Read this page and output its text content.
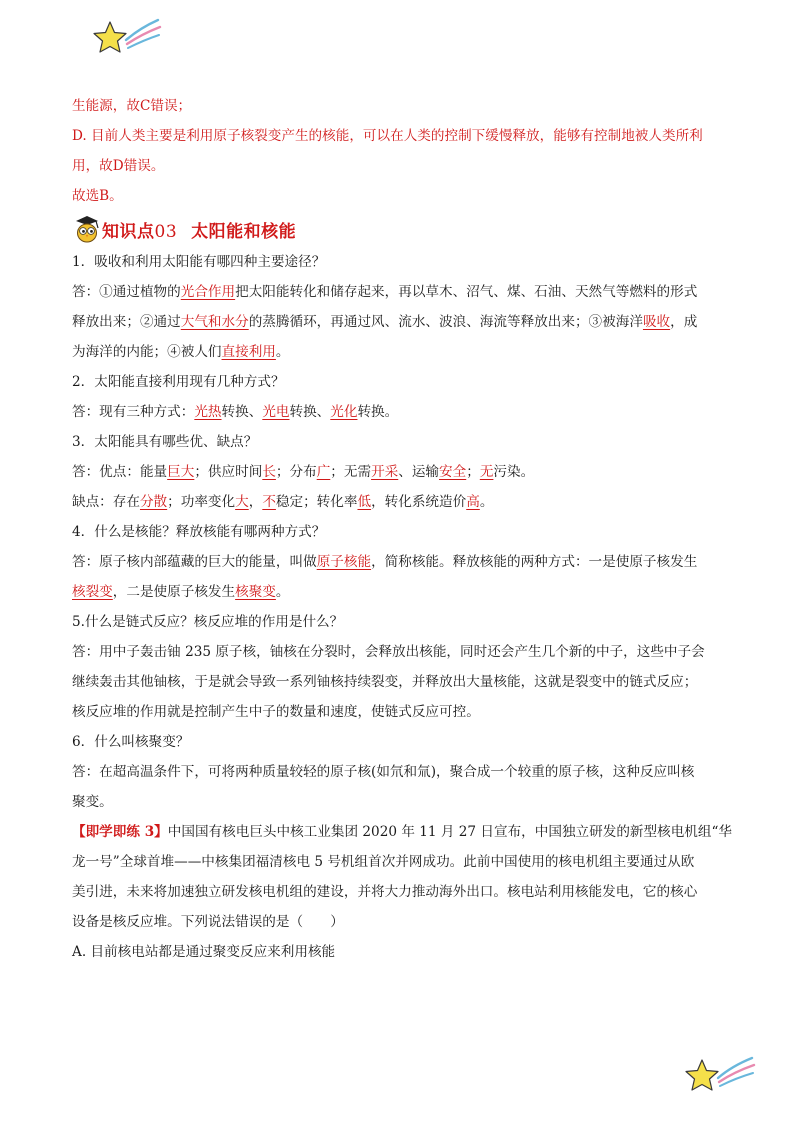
生能源，故C错误；

D. 目前人类主要是利用原子核裂变产生的核能，可以在人类的控制下缓慢释放，能够有控制地被人类所利

用，故D错误。

故选B。

知识点03 太阳能和核能

1．吸收和利用太阳能有哪四种主要途径？

答：①通过植物的光合作用把太阳能转化和储存起来，再以草木、沼气、煤、石油、天然气等燃料的形式

释放出来；②通过大气和水分的蒸腾循环，再通过风、流水、波浪、海流等释放出来；③被海洋吸收，成

为海洋的内能；④被人们直接利用。

2．太阳能直接利用现有几种方式？

答：现有三种方式：光热转换、光电转换、光化转换。

3．太阳能具有哪些优、缺点？

答：优点：能量巨大；供应时间长；分布广；无需开采、运输安全；无污染。

缺点：存在分散；功率变化大，不稳定；转化率低，转化系统造价高。

4．什么是核能？释放核能有哪两种方式？

答：原子核内部蕴藏的巨大的能量，叫做原子核能，简称核能。释放核能的两种方式：一是使原子核发生

核裂变，二是使原子核发生核聚变。

5.什么是链式反应？核反应堆的作用是什么？

答：用中子轰击铀 235 原子核，铀核在分裂时，会释放出核能，同时还会产生几个新的中子，这些中子会

继续轰击其他铀核，于是就会导致一系列铀核持续裂变，并释放出大量核能，这就是裂变中的链式反应；

核反应堆的作用就是控制产生中子的数量和速度，使链式反应可控。

6．什么叫核聚变？

答：在超高温条件下，可将两种质量较轻的原子核(如氘和氚)，聚合成一个较重的原子核，这种反应叫核

聚变。

【即学即练 3】中国国有核电巨头中核工业集团 2020 年 11 月 27 日宣布，中国独立研发的新型核电机组“华

龙一号”全球首堆——中核集团福清核电 5 号机组首次并网成功。此前中国使用的核电机组主要通过从欧

美引进，未来将加速独立研发核电机组的建设，并将大力推动海外出口。核电站利用核能发电，它的核心

设备是核反应堆。下列说法错误的是（　　）

A. 目前核电站都是通过聚变反应来利用核能
